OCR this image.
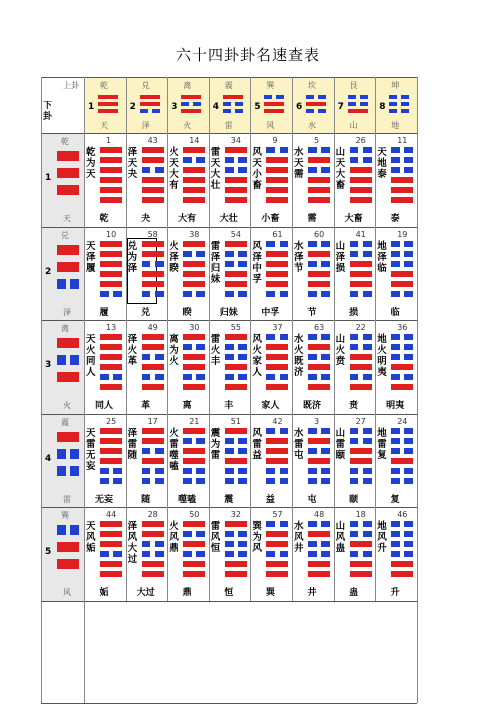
六十四卦卦名速查表
上卦
下卦
乾
1
天
兑
2
泽
离
3
火
震
4
雷
巽
5
风
坎
6
水
艮
7
山
坤
8
地
乾
1
天
1
乾为天
乾
43
泽天夬
夬
14
火天大有
大有
34
雷天大壮
大壮
9
风天小畜
小畜
5
水天需
需
26
山天大畜
大畜
11
天地泰
泰
兑
2
泽
10
天泽履
履
58
兑为泽
兑
38
火泽睽
睽
54
雷泽归妹
归妹
61
风泽中孚
中孚
60
水泽节
节
41
山泽损
损
19
地泽临
临
离
3
火
13
天火同人
同人
49
泽火革
革
30
离为火
离
55
雷火丰
丰
37
风火家人
家人
63
水火既济
既济
22
山火贲
贲
36
地火明夷
明夷
震
4
雷
25
天雷无妄
无妄
17
泽雷随
随
21
火雷噬嗑
噬嗑
51
震为雷
震
42
风雷益
益
3
水雷屯
屯
27
山雷颐
颐
24
地雷复
复
巽
5
风
44
天风姤
姤
28
泽风大过
大过
50
火风鼎
鼎
32
雷风恒
恒
57
巽为风
巽
48
水风井
井
18
山风蛊
蛊
46
地风升
升
